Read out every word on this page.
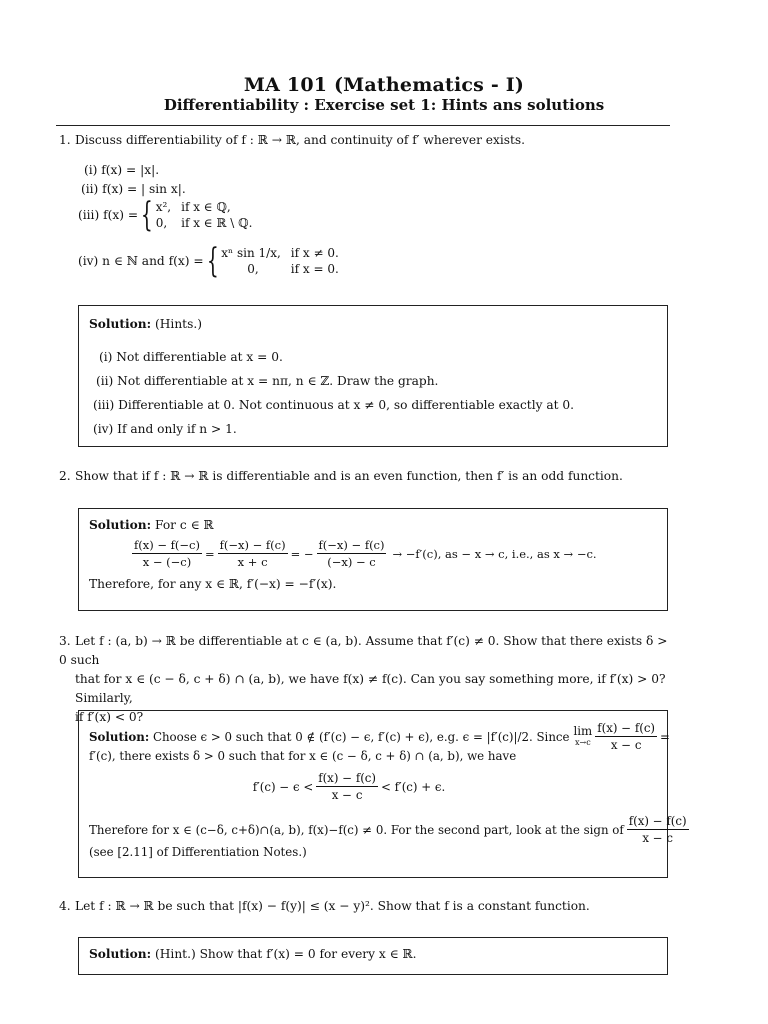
MA 101 (Mathematics - I)
Differentiability : Exercise set 1: Hints ans solutions
1. Discuss differentiability of f : ℝ → ℝ, and continuity of f′ wherever exists.
(i) f(x) = |x|.
(ii) f(x) = | sin x|.
(iii) f(x) = { x²,	if x ∈ ℚ,
0,	if x ∈ ℝ \ ℚ.
(iv) n ∈ ℕ and f(x) = { xⁿ sin 1/x,	if x ≠ 0.
0,	if x = 0.
Solution: (Hints.)
(i) Not differentiable at x = 0.
(ii) Not differentiable at x = nπ, n ∈ ℤ. Draw the graph.
(iii) Differentiable at 0. Not continuous at x ≠ 0, so differentiable exactly at 0.
(iv) If and only if n > 1.
2. Show that if f : ℝ → ℝ is differentiable and is an even function, then f′ is an odd function.
Solution: For c ∈ ℝ
$\frac{f(x) - f(-c)}{x - (-c)} = \frac{f(-x) - f(c)}{x + c}$ = − $\frac{f(-x) - f(c)}{(-x) - c} \to -f'(c)$, as − x → c, i.e., as x → −c.
Therefore, for any x ∈ ℝ, f′(−x) = −f′(x).
3. Let f : (a, b) → ℝ be differentiable at c ∈ (a, b). Assume that f′(c) ≠ 0. Show that there exists δ > 0 such
that for x ∈ (c − δ, c + δ) ∩ (a, b), we have f(x) ≠ f(c). Can you say something more, if f′(x) > 0? Similarly,
if f′(x) < 0?
Solution:
Choose ϵ > 0 such that 0 ∉ (f′(c) − ϵ, f′(c) + ϵ), e.g. ϵ = |f′(c)|/2. Since lim
$x\to c \frac{f(x) - f(c)}{x - c}$ =
f′(c), there exists δ > 0 such that for x ∈ (c − δ, c + δ) ∩ (a, b), we have
$f'(c) - \epsilon < \frac{f(x) - f(c)}{x - c} < f'(c) + \epsilon$.
Therefore for x ∈ (c−δ, c+δ)∩(a, b), f(x)−f(c) ≠ 0. For the second part, look at the sign of $\frac{f(x) - f(c)}{x - c}$
(see [2.11] of Differentiation Notes.)
4. Let f : ℝ → ℝ be such that |f(x) − f(y)| ≤ (x − y)². Show that f is a constant function.
Solution: (Hint.) Show that f′(x) = 0 for every x ∈ ℝ.
